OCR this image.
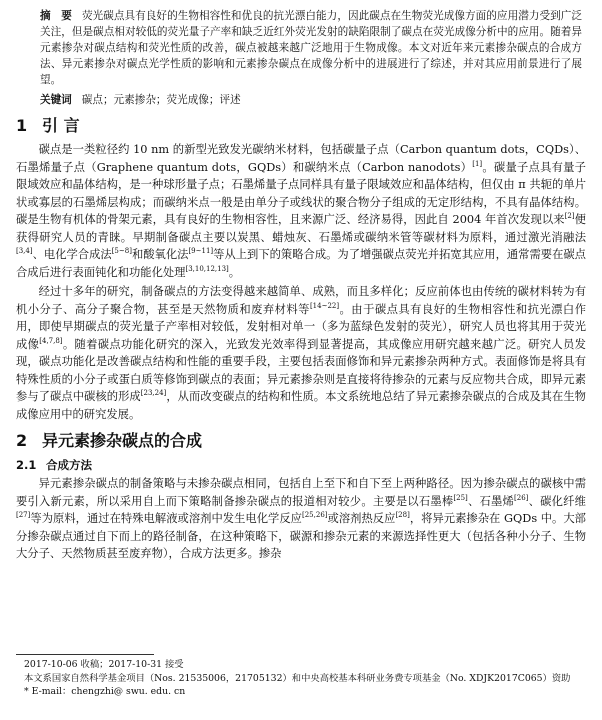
摘　要 荧光碳点具有良好的生物相容性和优良的抗光漂白能力，因此碳点在生物荧光成像方面的应用潜力受到广泛关注，但是碳点相对较低的荧光量子产率和缺乏近红外荧光发射的缺陷限制了碳点在荧光成像分析中的应用。随着异元素掺杂对碳点结构和荧光性质的改善，碳点被越来越广泛地用于生物成像。本文对近年来元素掺杂碳点的合成方法、异元素掺杂对碳点光学性质的影响和元素掺杂碳点在成像分析中的进展进行了综述，并对其应用前景进行了展望。
关键词 碳点；元素掺杂；荧光成像；评述
1 引 言

碳点是一类粒径约 10 nm 的新型光致发光碳纳米材料，包括碳量子点（Carbon quantum dots，CQDs）、石墨烯量子点（Graphene quantum dots，GQDs）和碳纳米点（Carbon nanodots）[1]。碳量子点具有量子限域效应和晶体结构，是一种球形量子点；石墨烯量子点同样具有量子限域效应和晶体结构，但仅由 π 共轭的单片状或寡层的石墨烯层构成；而碳纳米点一般是由单分子或线状的聚合物分子组成的无定形结构，不具有晶体结构。碳是生物有机体的骨架元素，具有良好的生物相容性，且来源广泛、经济易得，因此自 2004 年首次发现以来[2]便获得研究人员的青睐。早期制备碳点主要以炭黑、蜡烛灰、石墨烯或碳纳米管等碳材料为原料，通过激光消融法[3,4]、电化学合成法[5~8]和酸氧化法[9~11]等从上到下的策略合成。为了增强碳点荧光并拓宽其应用，通常需要在碳点合成后进行表面钝化和功能化处理[3,10,12,13]。

经过十多年的研究，制备碳点的方法变得越来越简单、成熟，而且多样化；反应前体也由传统的碳材料转为有机小分子、高分子聚合物，甚至是天然物质和废弃材料等[14~22]。由于碳点具有良好的生物相容性和抗光漂白作用，即使早期碳点的荧光量子产率相对较低，发射相对单一（多为蓝绿色发射的荧光），研究人员也将其用于荧光成像[4,7,8]。随着碳点功能化研究的深入，光致发光效率得到显著提高，其成像应用研究越来越广泛。研究人员发现，碳点功能化是改善碳点结构和性能的重要手段，主要包括表面修饰和异元素掺杂两种方式。表面修饰是将具有特殊性质的小分子或蛋白质等修饰到碳点的表面；异元素掺杂则是直接将待掺杂的元素与反应物共合成，即异元素参与了碳点中碳核的形成[23,24]，从而改变碳点的结构和性质。本文系统地总结了异元素掺杂碳点的合成及其在生物成像应用中的研究发展。

2 异元素掺杂碳点的合成
2.1 合成方法

异元素掺杂碳点的制备策略与未掺杂碳点相同，包括自上至下和自下至上两种路径。因为掺杂碳点的碳核中需要引入新元素，所以采用自上而下策略制备掺杂碳点的报道相对较少。主要是以石墨棒[25]、石墨烯[26]、碳化纤维[27]等为原料，通过在特殊电解液或溶剂中发生电化学反应[25,26]或溶剂热反应[28]，将异元素掺杂在 GQDs 中。大部分掺杂碳点通过自下而上的路径制备，在这种策略下，碳源和掺杂元素的来源选择性更大（包括各种小分子、生物大分子、天然物质甚至废弃物），合成方法更多。掺杂

2017-10-06 收稿；2017-10-31 接受
本文系国家自然科学基金项目（Nos. 21535006，21705132）和中央高校基本科研业务费专项基金（No. XDJK2017C065）资助
* E-mail：chengzhi@ swu. edu. cn
